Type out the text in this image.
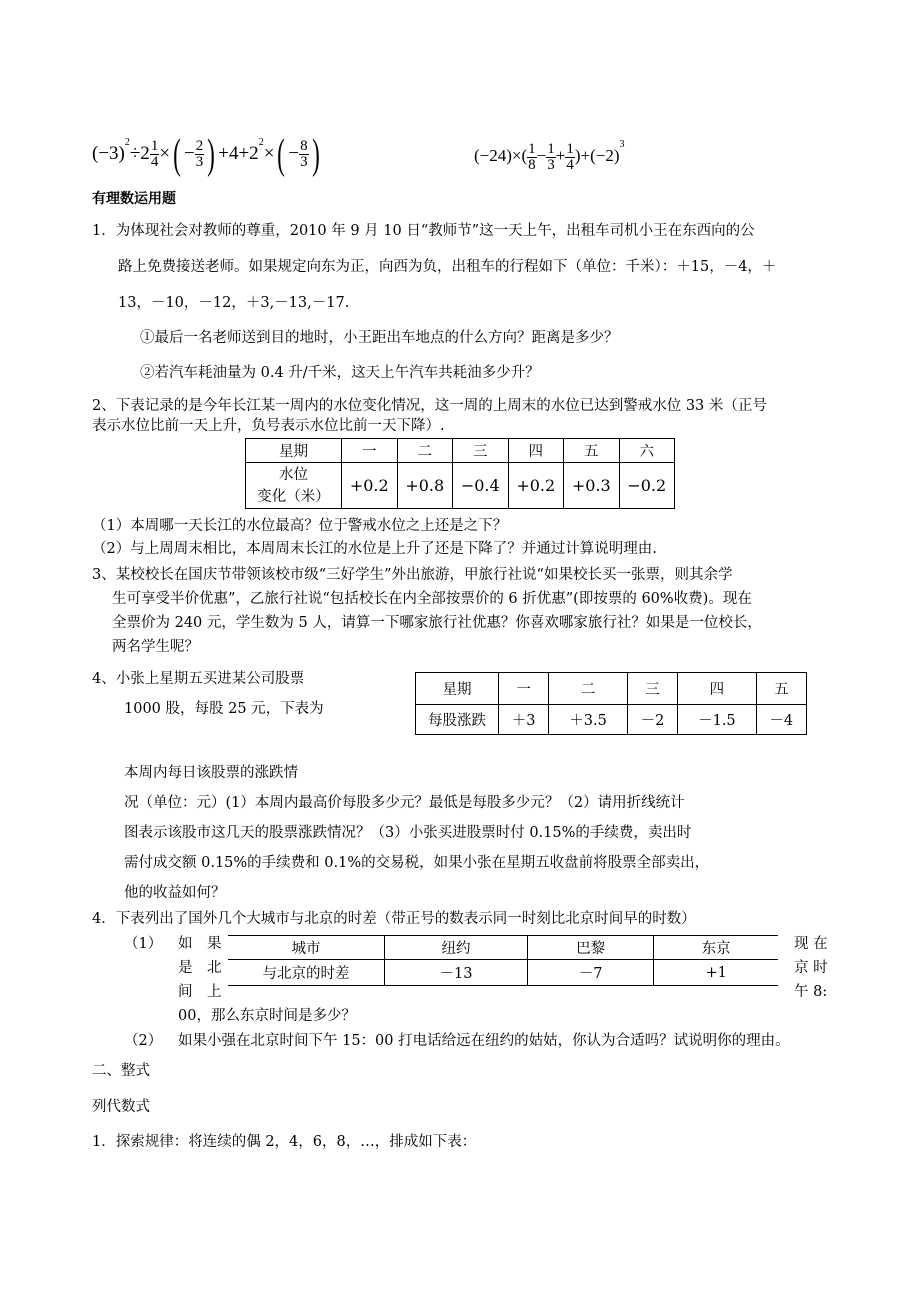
$(-3)^2\div 2 \frac{1}{4}$ ×( − $\frac{2}{3}$ ) $+4+2^2\times( - \frac{8}{3}$ )	$(-24)\times( \frac{1}{8} - \frac{1}{3} + \frac{1}{4} )+(-2)^3$
有理数运用题
1．为体现社会对教师的尊重，2010 年 9 月 10 日“教师节”这一天上午，出租车司机小王在东西向的公
路上免费接送老师。如果规定向东为正，向西为负，出租车的行程如下（单位：千米）：＋15，－4，＋
13，－10，－12，＋3,－13,－17.
①最后一名老师送到目的地时，小王距出车地点的什么方向？距离是多少？
②若汽车耗油量为 0.4 升/千米，这天上午汽车共耗油多少升？
2、下表记录的是今年长江某一周内的水位变化情况，这一周的上周末的水位已达到警戒水位 33 米（正号
表示水位比前一天上升，负号表示水位比前一天下降）.
星期	一	二	三	四	五	六
水位
变化（米）	+0.2	+0.8	−0.4	+0.2	+0.3	−0.2
（1）本周哪一天长江的水位最高？位于警戒水位之上还是之下？
（2）与上周周末相比，本周周末长江的水位是上升了还是下降了？并通过计算说明理由.
3、某校校长在国庆节带领该校市级“三好学生”外出旅游，甲旅行社说“如果校长买一张票，则其余学
生可享受半价优惠”，乙旅行社说“包括校长在内全部按票价的 6 折优惠”(即按票的 60%收费)。现在
全票价为 240 元，学生数为 5 人，请算一下哪家旅行社优惠？你喜欢哪家旅行社？如果是一位校长，
两名学生呢？
4、小张上星期五买进某公司股票
1000 股，每股 25 元，下表为
星期	一	二	三	四	五
每股涨跌	＋3	＋3.5	－2	－1.5	－4
本周内每日该股票的涨跌情
况（单位：元）(1）本周内最高价每股多少元？最低是每股多少元？（2）请用折线统计
图表示该股市这几天的股票涨跌情况？（3）小张买进股票时付 0.15%的手续费，卖出时
需付成交额 0.15%的手续费和 0.1%的交易税，如果小张在星期五收盘前将股票全部卖出，
他的收益如何？
4．下表列出了国外几个大城市与北京的时差（带正号的数表示同一时刻比北京时间早的时数）
（1） 如　果
是　北
间　上
现 在
京 时
午 8:
城市	纽约	巴黎	东京
与北京的时差	－13	－7	+1
00，那么东京时间是多少？
（2） 如果小强在北京时间下午 15：00 打电话给远在纽约的姑姑，你认为合适吗？试说明你的理由。
二、整式
列代数式
1．探索规律：将连续的偶 2，4，6，8，…，排成如下表：
